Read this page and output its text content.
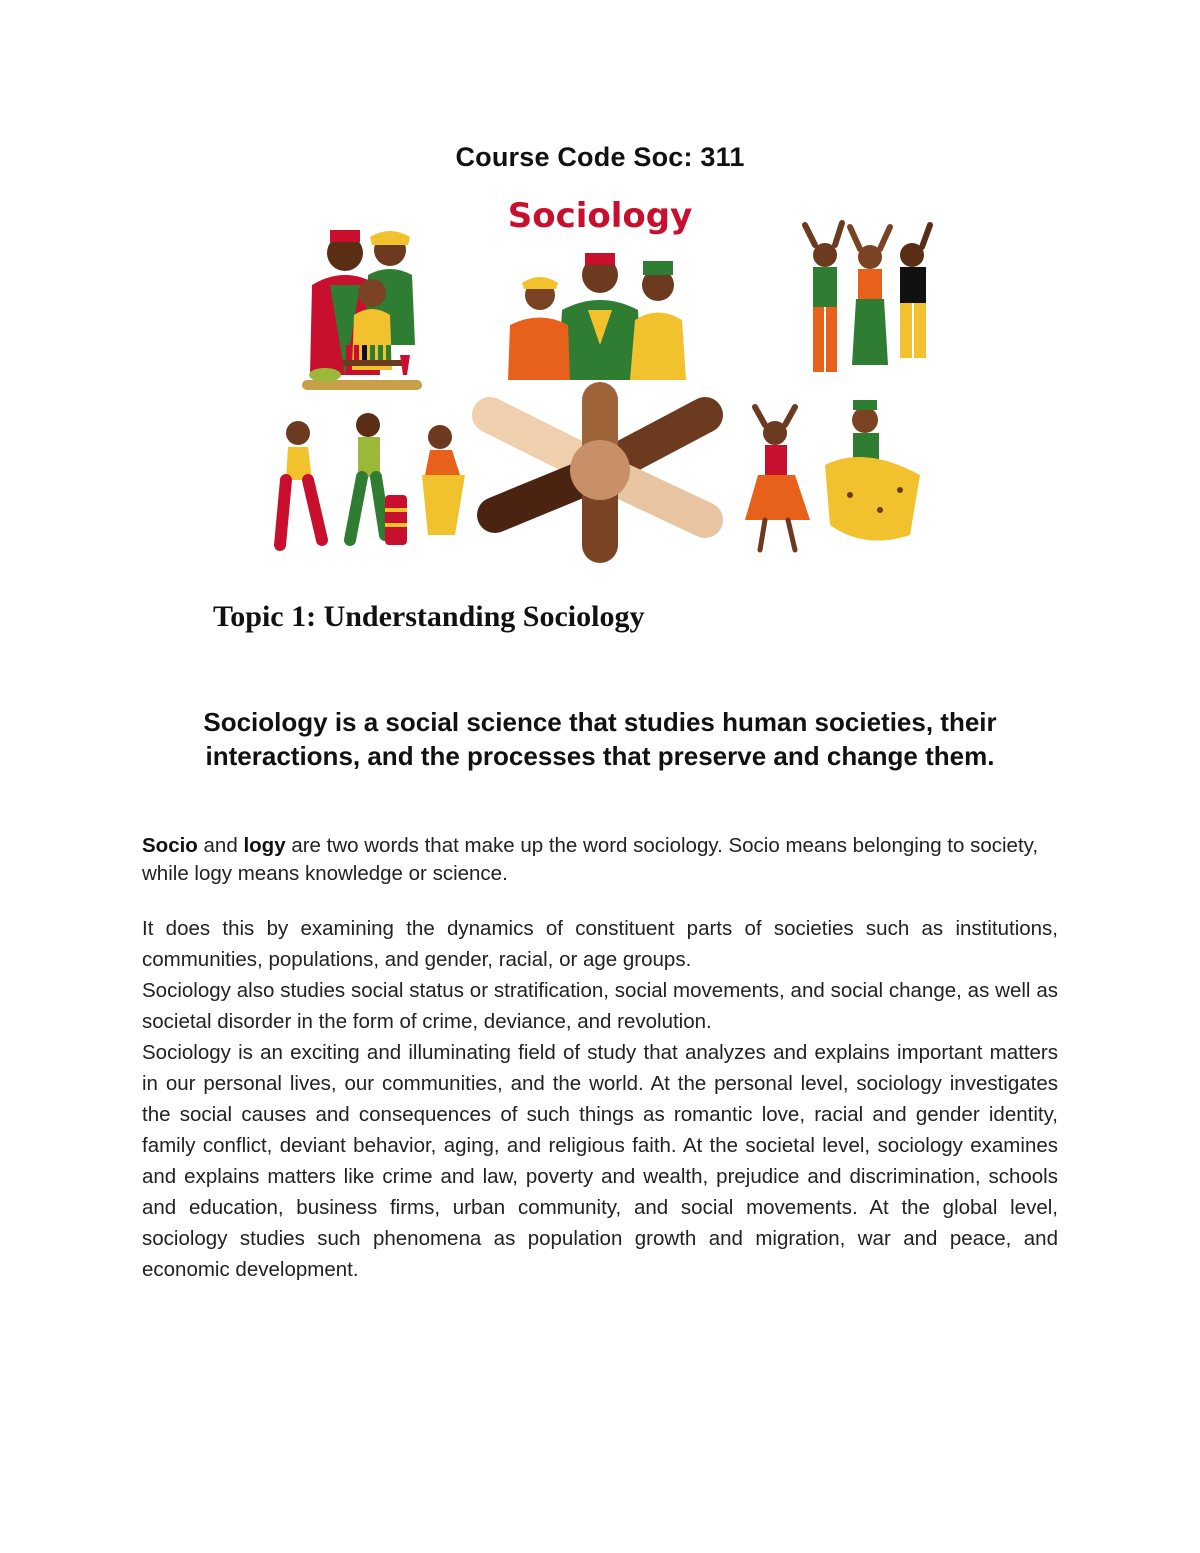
Course Code Soc: 311
Sociology
Topic 1: Understanding Sociology
Sociology is a social science that studies human societies, their interactions, and the processes that preserve and change them.
Socio and logy are two words that make up the word sociology. Socio means belonging to society, while logy means knowledge or science.

It does this by examining the dynamics of constituent parts of societies such as institutions, communities, populations, and gender, racial, or age groups.

Sociology also studies social status or stratification, social movements, and social change, as well as societal disorder in the form of crime, deviance, and revolution.

Sociology is an exciting and illuminating field of study that analyzes and explains important matters in our personal lives, our communities, and the world. At the personal level, sociology investigates the social causes and consequences of such things as romantic love, racial and gender identity, family conflict, deviant behavior, aging, and religious faith. At the societal level, sociology examines and explains matters like crime and law, poverty and wealth, prejudice and discrimination, schools and education, business firms, urban community, and social movements. At the global level, sociology studies such phenomena as population growth and migration, war and peace, and economic development.
